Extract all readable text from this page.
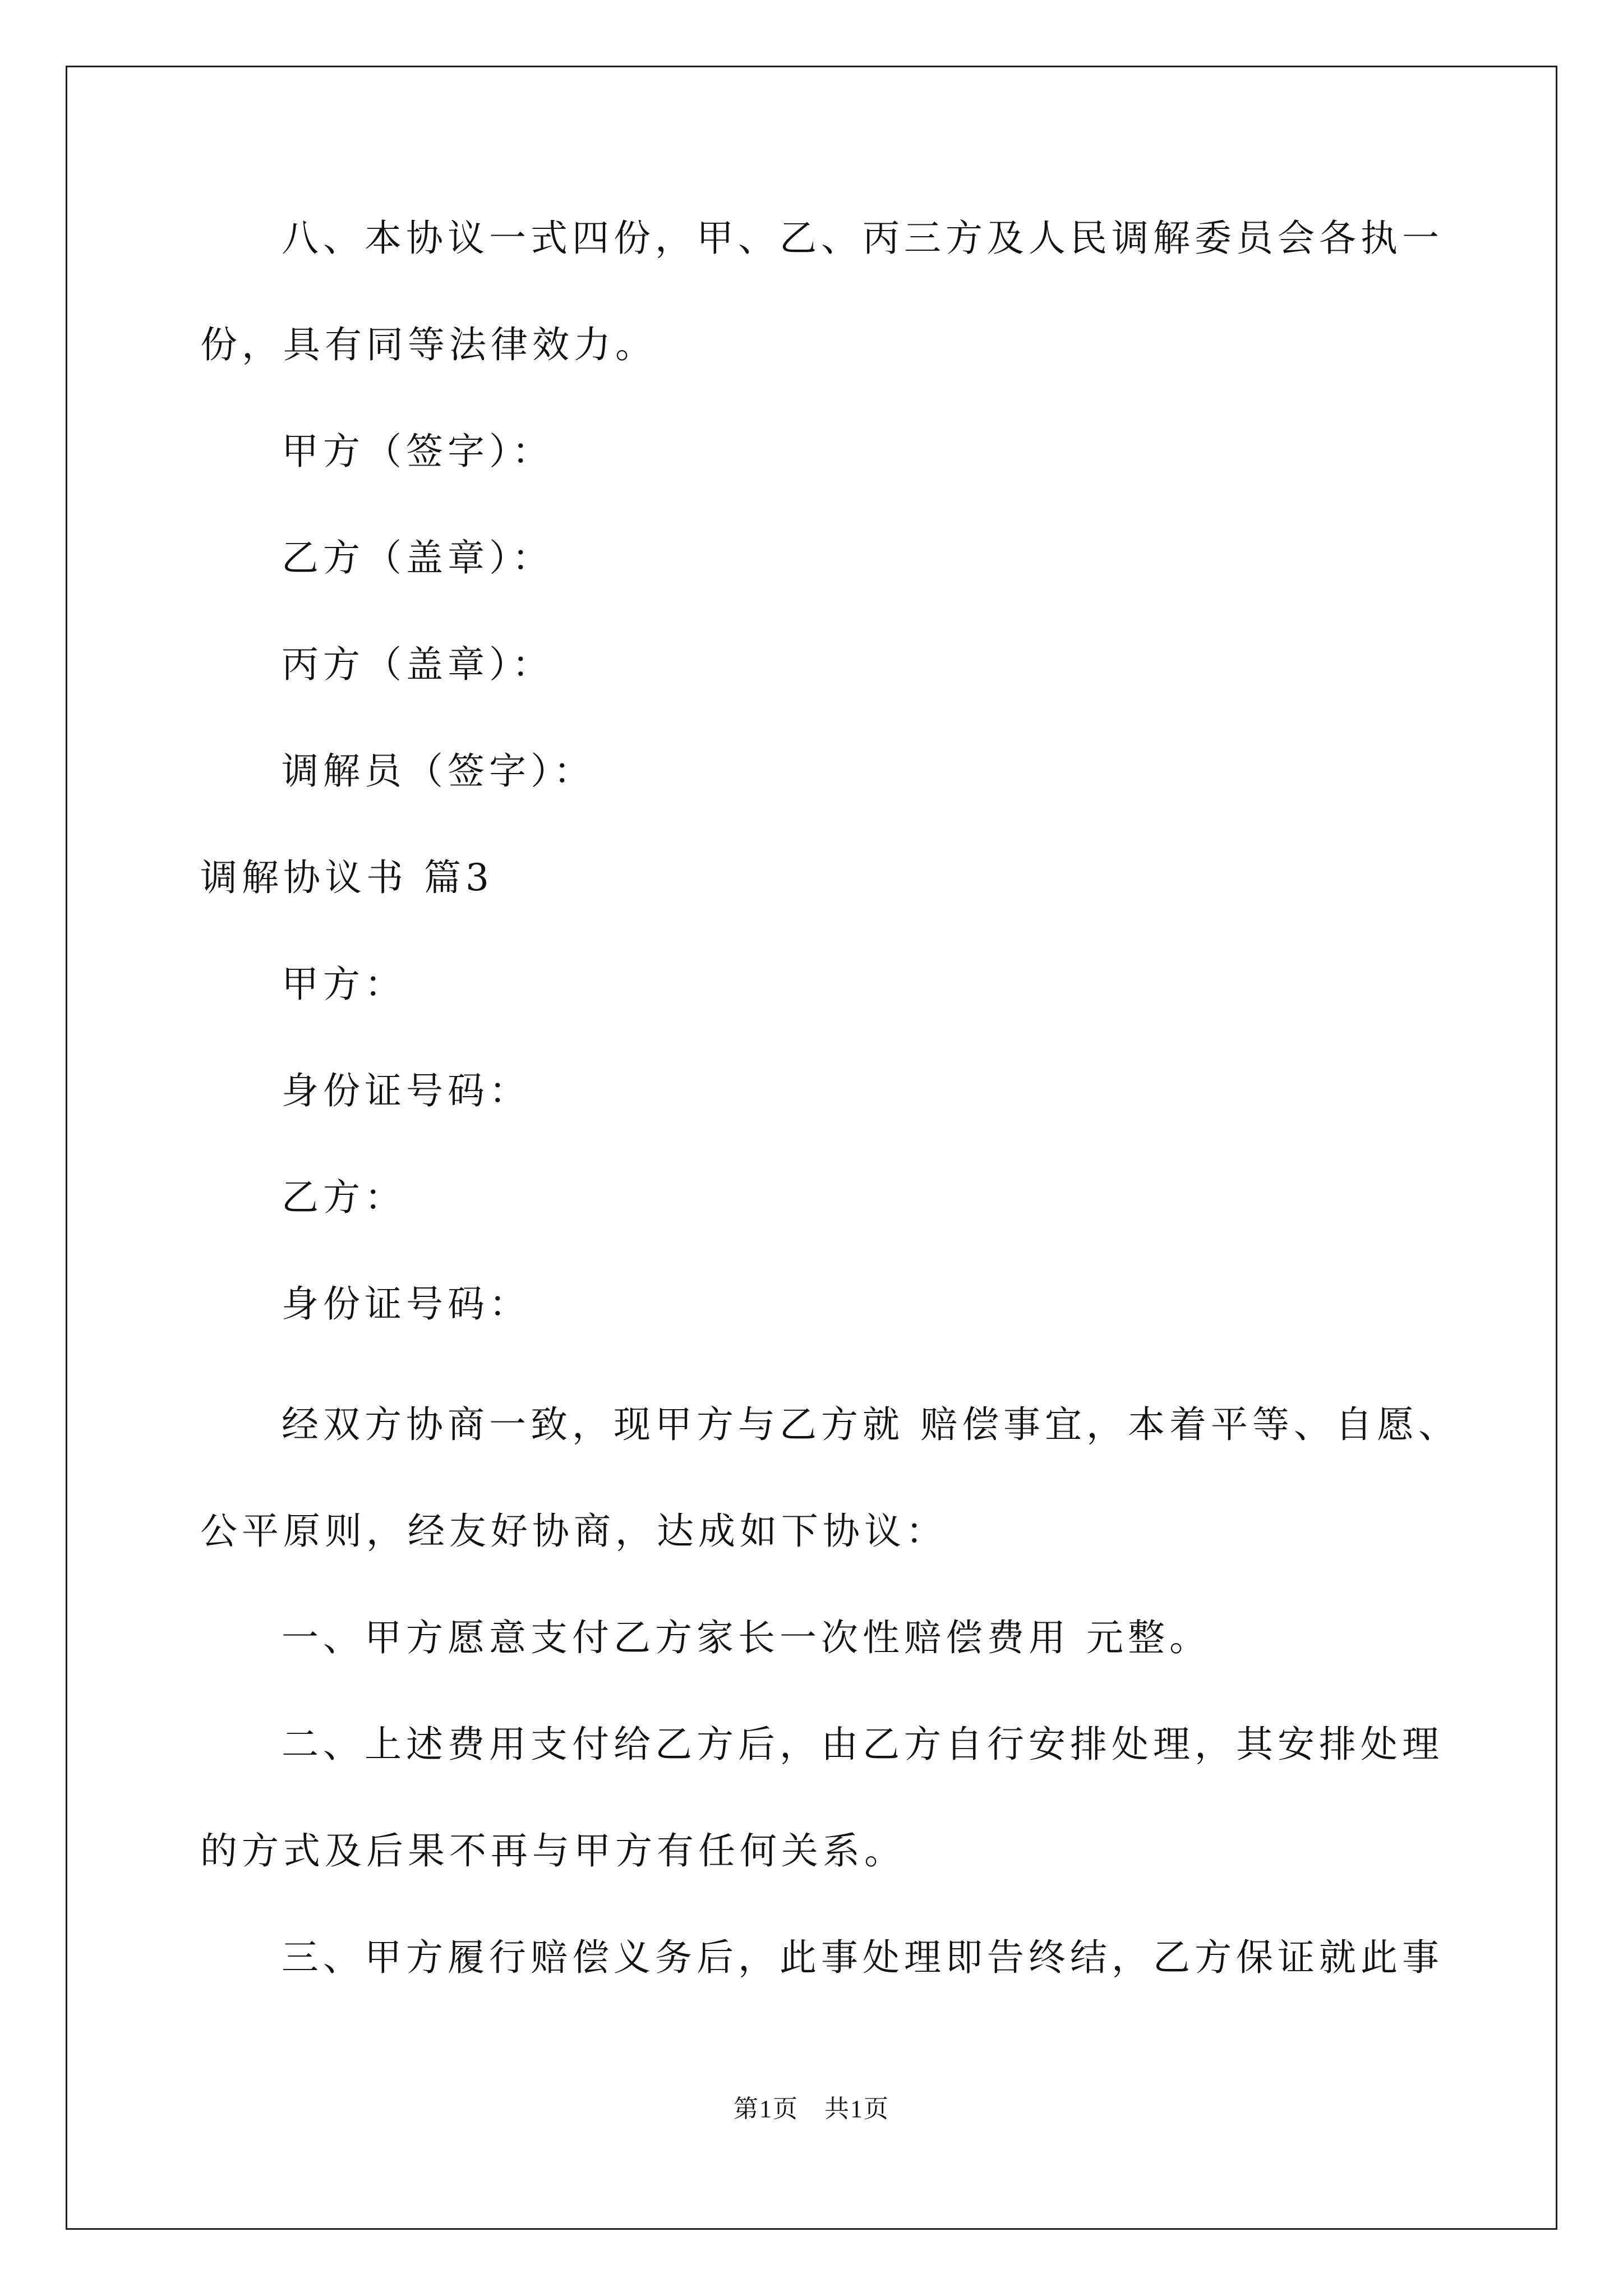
八、本协议一式四份，甲、乙、丙三方及人民调解委员会各执一
份，具有同等法律效力。
甲方（签字）：
乙方（盖章）：
丙方（盖章）：
调解员（签字）：
调解协议书 篇3
甲方：
身份证号码：
乙方：
身份证号码：
经双方协商一致，现甲方与乙方就 赔偿事宜，本着平等、自愿、
公平原则，经友好协商，达成如下协议：
一、甲方愿意支付乙方家长一次性赔偿费用 元整。
二、上述费用支付给乙方后，由乙方自行安排处理，其安排处理
的方式及后果不再与甲方有任何关系。
三、甲方履行赔偿义务后，此事处理即告终结，乙方保证就此事
第1页　共1页
